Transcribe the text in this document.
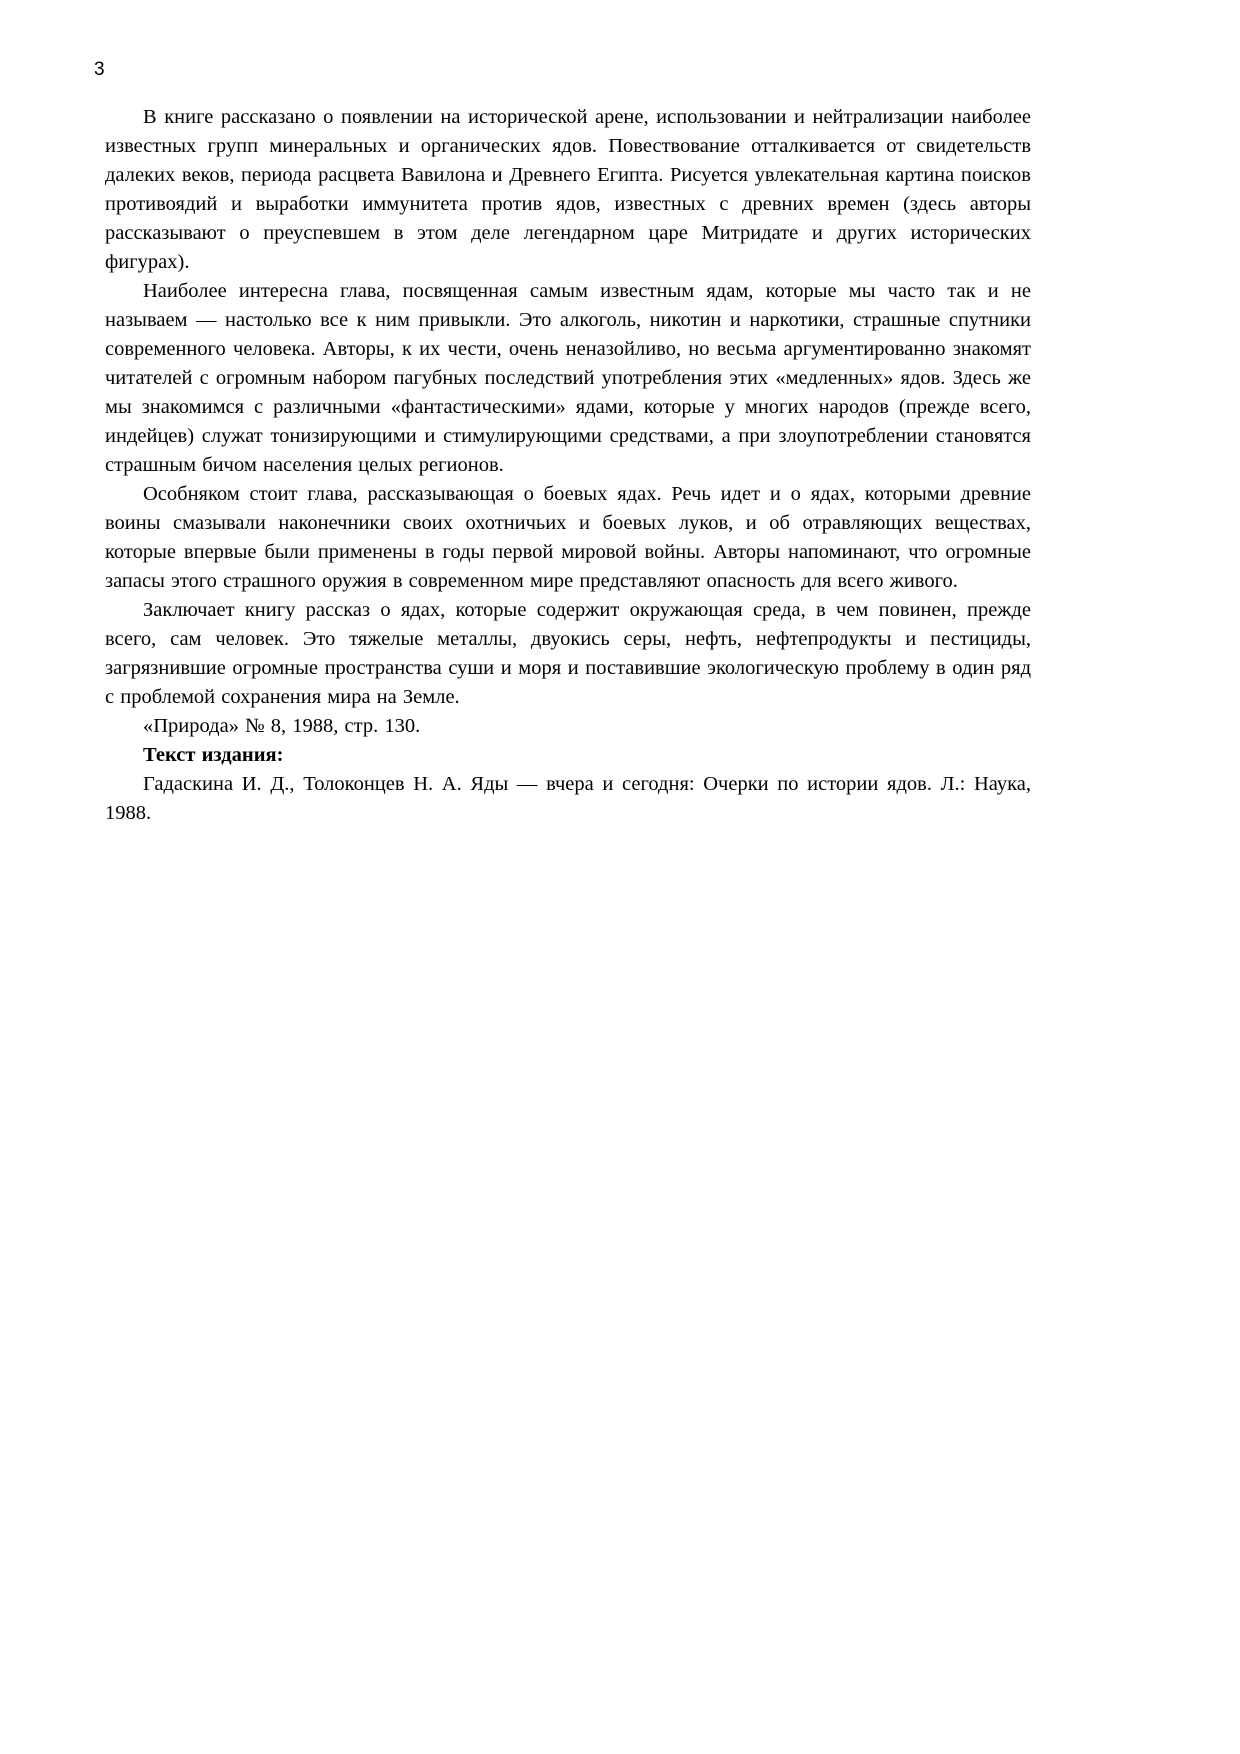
3

В книге рассказано о появлении на исторической арене, использовании и нейтрализации наиболее известных групп минеральных и органических ядов. Повествование отталкивается от свидетельств далеких веков, периода расцвета Вавилона и Древнего Египта. Рисуется увлекательная картина поисков противоядий и выработки иммунитета против ядов, известных с древних времен (здесь авторы рассказывают о преуспевшем в этом деле легендарном царе Митридате и других исторических фигурах).

Наиболее интересна глава, посвященная самым известным ядам, которые мы часто так и не называем — настолько все к ним привыкли. Это алкоголь, никотин и наркотики, страшные спутники современного человека. Авторы, к их чести, очень неназойливо, но весьма аргументированно знакомят читателей с огромным набором пагубных последствий употребления этих «медленных» ядов. Здесь же мы знакомимся с различными «фантастическими» ядами, которые у многих народов (прежде всего, индейцев) служат тонизирующими и стимулирующими средствами, а при злоупотреблении становятся страшным бичом населения целых регионов.

Особняком стоит глава, рассказывающая о боевых ядах. Речь идет и о ядах, которыми древние воины смазывали наконечники своих охотничьих и боевых луков, и об отравляющих веществах, которые впервые были применены в годы первой мировой войны. Авторы напоминают, что огромные запасы этого страшного оружия в современном мире представляют опасность для всего живого.

Заключает книгу рассказ о ядах, которые содержит окружающая среда, в чем повинен, прежде всего, сам человек. Это тяжелые металлы, двуокись серы, нефть, нефтепродукты и пестициды, загрязнившие огромные пространства суши и моря и поставившие экологическую проблему в один ряд с проблемой сохранения мира на Земле.

«Природа» № 8, 1988, стр. 130.

Текст издания:

Гадаскина И. Д., Толоконцев Н. А. Яды — вчера и сегодня: Очерки по истории ядов. Л.: Наука, 1988.
